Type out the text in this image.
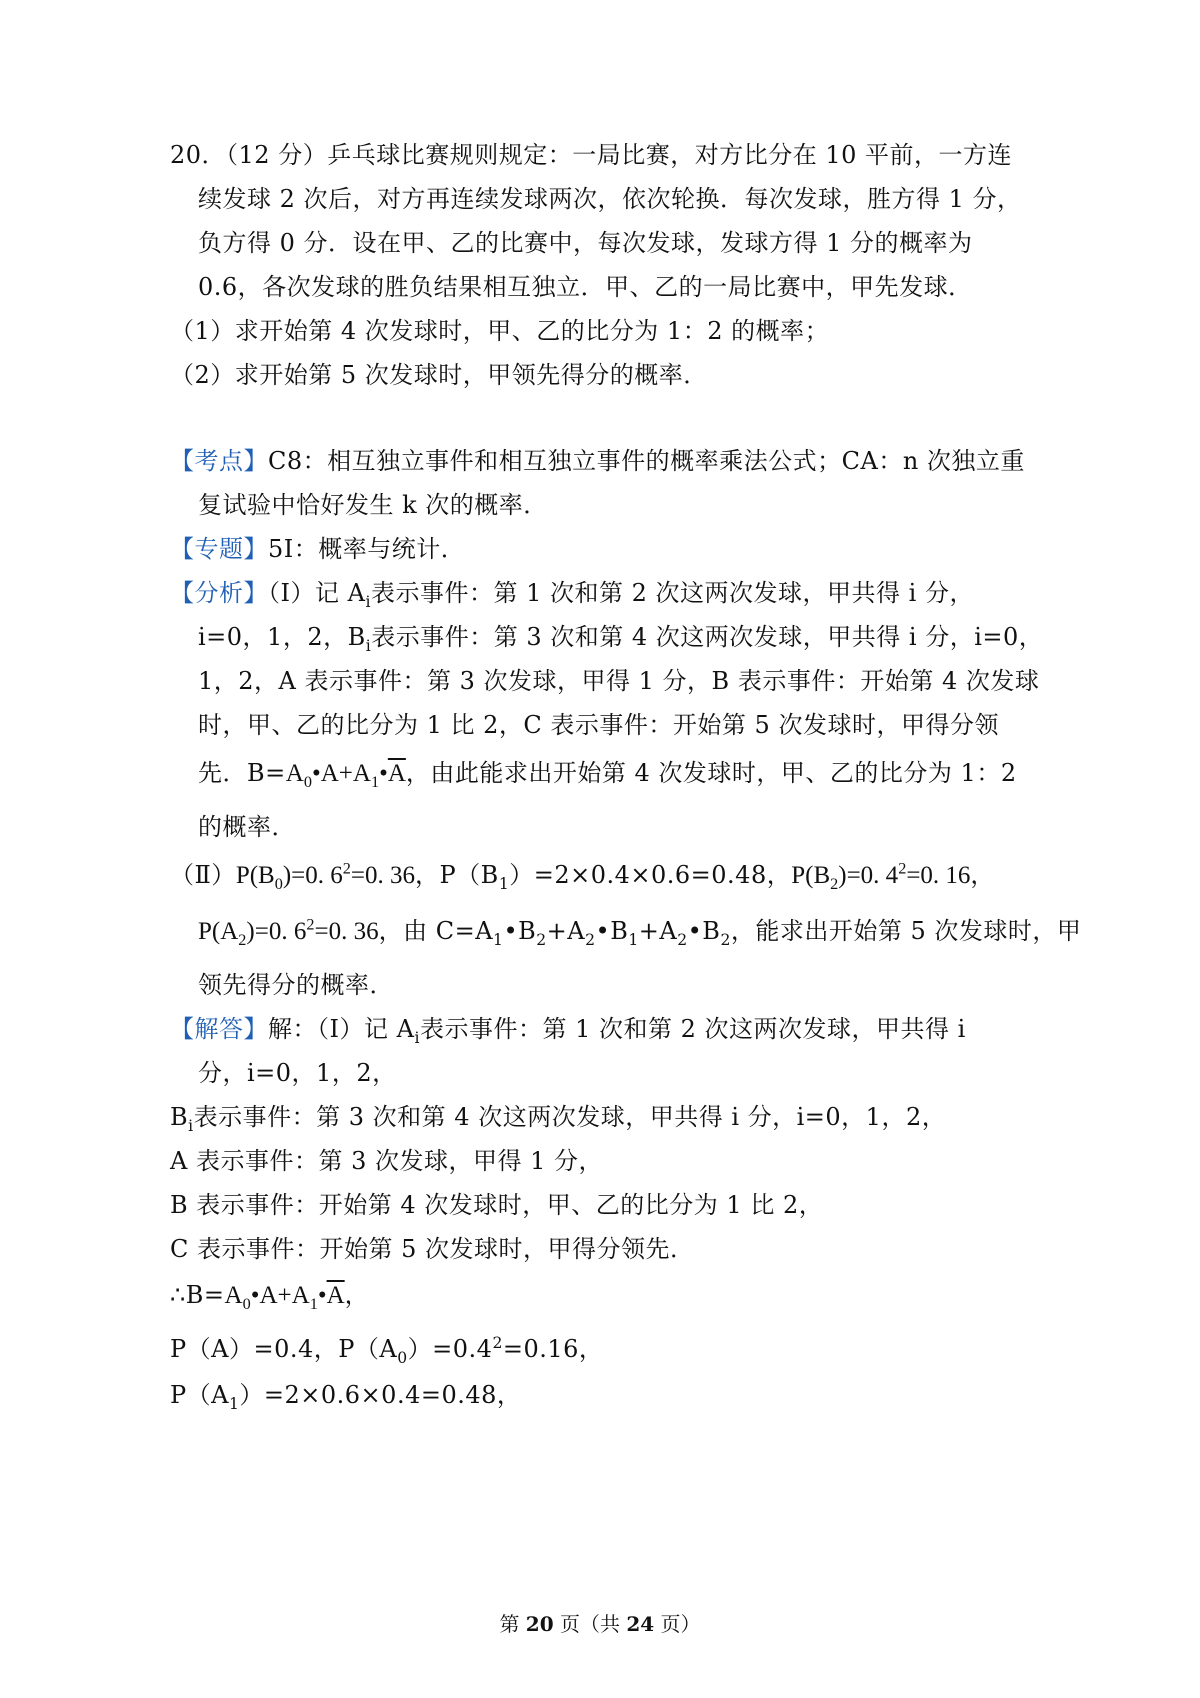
20．（12 分）乒乓球比赛规则规定：一局比赛，对方比分在 10 平前，一方连
续发球 2 次后，对方再连续发球两次，依次轮换．每次发球，胜方得 1 分，
负方得 0 分．设在甲、乙的比赛中，每次发球，发球方得 1 分的概率为
0.6，各次发球的胜负结果相互独立．甲、乙的一局比赛中，甲先发球．
（1）求开始第 4 次发球时，甲、乙的比分为 1：2 的概率；
（2）求开始第 5 次发球时，甲领先得分的概率．
【考点】C8：相互独立事件和相互独立事件的概率乘法公式；CA：n 次独立重
复试验中恰好发生 k 次的概率．
【专题】5I：概率与统计．
【分析】（Ⅰ）记 $A_i$表示事件：第 1 次和第 2 次这两次发球，甲共得 i 分，
i=0，1，2，$B_i$表示事件：第 3 次和第 4 次这两次发球，甲共得 i 分，i=0，
1，2，A 表示事件：第 3 次发球，甲得 1 分，B 表示事件：开始第 4 次发球
时，甲、乙的比分为 1 比 2，C 表示事件：开始第 5 次发球时，甲得分领
先．$B=A_0•A+A_1•\overline{A}$，由此能求出开始第 4 次发球时，甲、乙的比分为 1：2
的概率．
$(Ⅱ)P(B_0)=0$. $6^2=0$. 36，$P(B_1)=2\times 0.4\times 0.6=0.48$，$P(B_2)=0$. $4^2=0$. 16，
$P(A_2)=0$. $6^2=0$. 36，由 $C=A_1•B_2+A_2•B_1+A_2•B_2$，能求出开始第 5 次发球时，甲
领先得分的概率．
【解答】解：（Ⅰ）记 $A_i$表示事件：第 1 次和第 2 次这两次发球，甲共得 i
分，i=0，1，2，
$B_i$表示事件：第 3 次和第 4 次这两次发球，甲共得 i 分，i=0，1，2，
A 表示事件：第 3 次发球，甲得 1 分，
B 表示事件：开始第 4 次发球时，甲、乙的比分为 1 比 2，
C 表示事件：开始第 5 次发球时，甲得分领先．
$\therefore B=A_0•A+A_1•\overline{A}$，
P（A）=0.4，$P(A_0)=0.4^2=0.16$，
$P(A_1)=2\times 0.6\times 0.4=0.48$，
第 20 页（共 24 页）
